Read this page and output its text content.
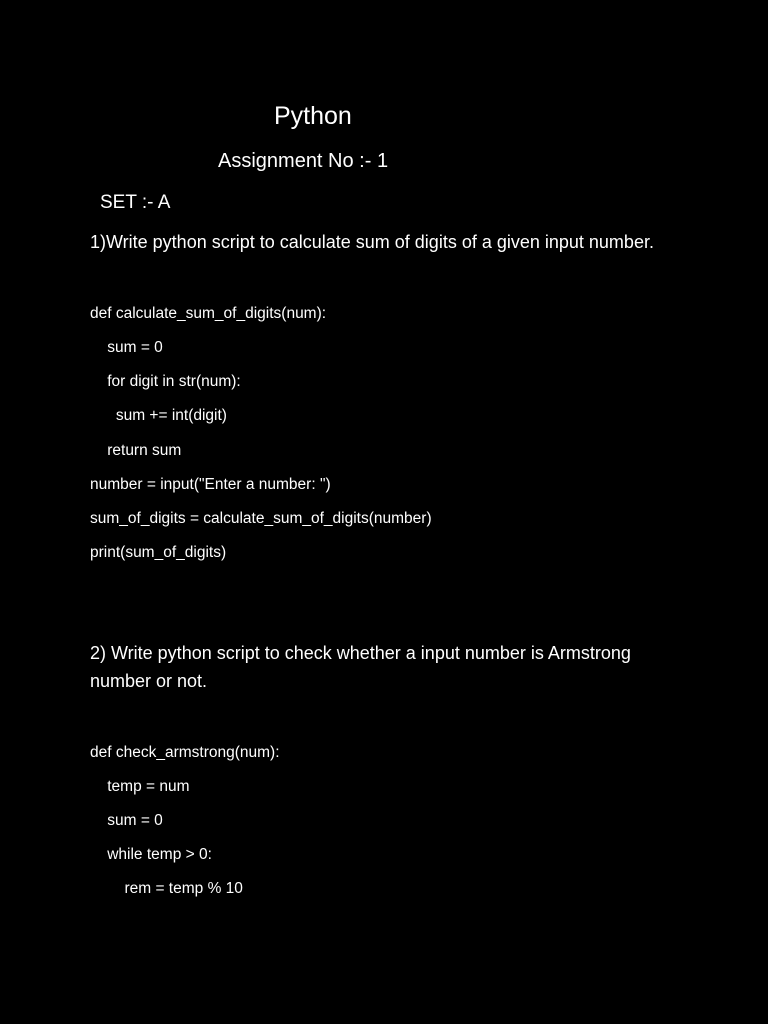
Python
Assignment No :- 1
SET :- A
1)Write python script to calculate sum of digits of a given input number.
def calculate_sum_of_digits(num):
sum = 0
for digit in str(num):
sum += int(digit)
return sum
number = input("Enter a number: ")
sum_of_digits = calculate_sum_of_digits(number)
print(sum_of_digits)
2) Write python script to check whether a input number is Armstrong number or not.
def check_armstrong(num):
temp = num
sum = 0
while temp > 0:
rem = temp % 10
